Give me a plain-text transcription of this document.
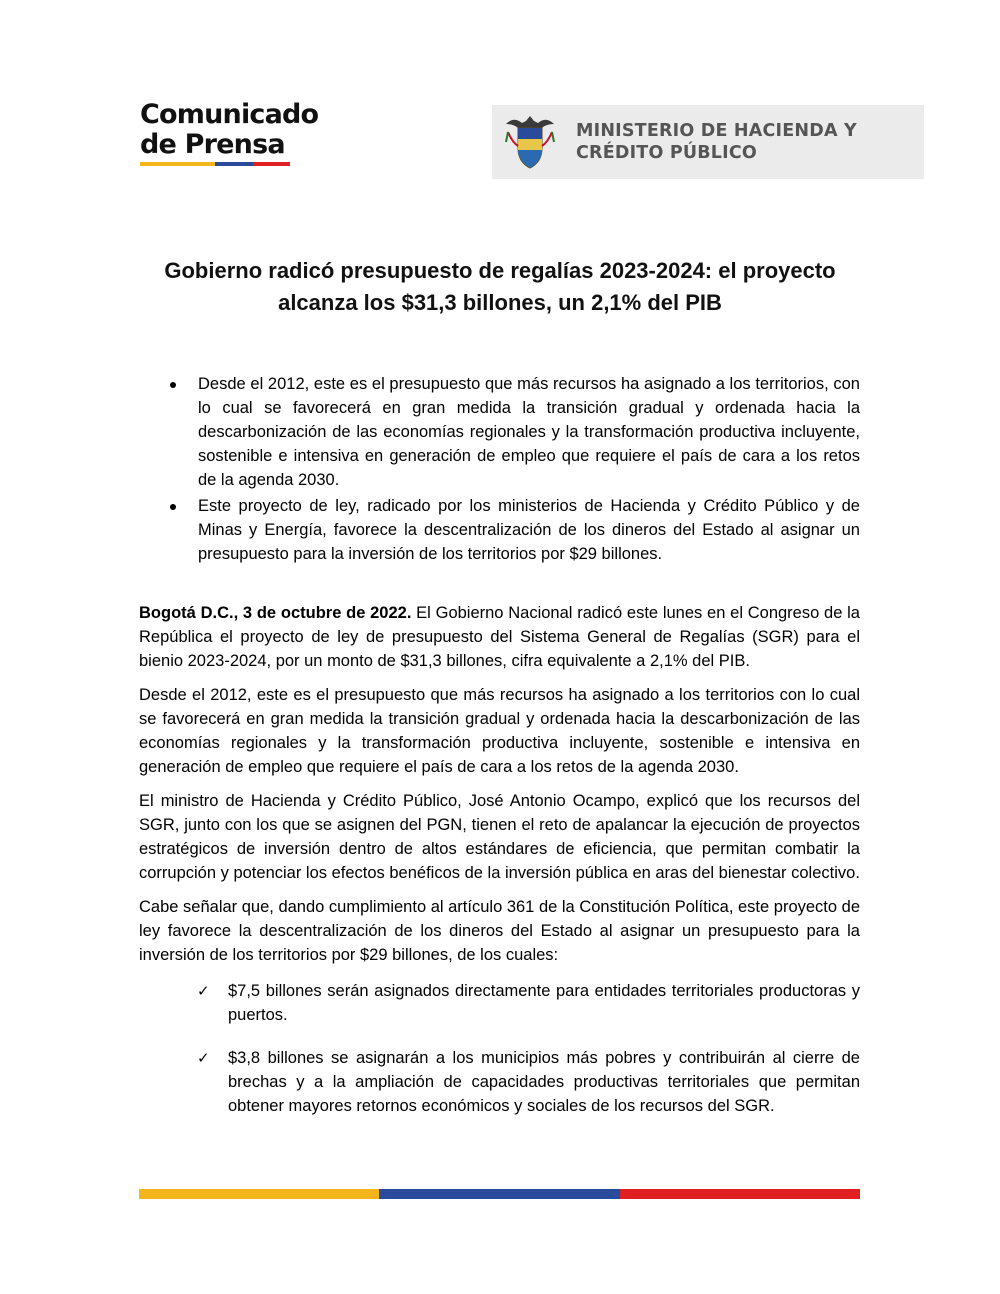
Comunicado
de Prensa	MINISTERIO DE HACIENDA Y
CRÉDITO PÚBLICO
Gobierno radicó presupuesto de regalías 2023-2024: el proyecto
alcanza los $31,3 billones, un 2,1% del PIB
Desde el 2012, este es el presupuesto que más recursos ha asignado a los territorios, con lo cual se favorecerá en gran medida la transición gradual y ordenada hacia la descarbonización de las economías regionales y la transformación productiva incluyente, sostenible e intensiva en generación de empleo que requiere el país de cara a los retos de la agenda 2030.
Este proyecto de ley, radicado por los ministerios de Hacienda y Crédito Público y de Minas y Energía, favorece la descentralización de los dineros del Estado al asignar un presupuesto para la inversión de los territorios por $29 billones.

Bogotá D.C., 3 de octubre de 2022. El Gobierno Nacional radicó este lunes en el Congreso de la República el proyecto de ley de presupuesto del Sistema General de Regalías (SGR) para el bienio 2023-2024, por un monto de $31,3 billones, cifra equivalente a 2,1% del PIB.

Desde el 2012, este es el presupuesto que más recursos ha asignado a los territorios con lo cual se favorecerá en gran medida la transición gradual y ordenada hacia la descarbonización de las economías regionales y la transformación productiva incluyente, sostenible e intensiva en generación de empleo que requiere el país de cara a los retos de la agenda 2030.

El ministro de Hacienda y Crédito Público, José Antonio Ocampo, explicó que los recursos del SGR, junto con los que se asignen del PGN, tienen el reto de apalancar la ejecución de proyectos estratégicos de inversión dentro de altos estándares de eficiencia, que permitan combatir la corrupción y potenciar los efectos benéficos de la inversión pública en aras del bienestar colectivo.

Cabe señalar que, dando cumplimiento al artículo 361 de la Constitución Política, este proyecto de ley favorece la descentralización de los dineros del Estado al asignar un presupuesto para la inversión de los territorios por $29 billones, de los cuales:

✓ $7,5 billones serán asignados directamente para entidades territoriales productoras y puertos.
✓ $3,8 billones se asignarán a los municipios más pobres y contribuirán al cierre de brechas y a la ampliación de capacidades productivas territoriales que permitan obtener mayores retornos económicos y sociales de los recursos del SGR.
